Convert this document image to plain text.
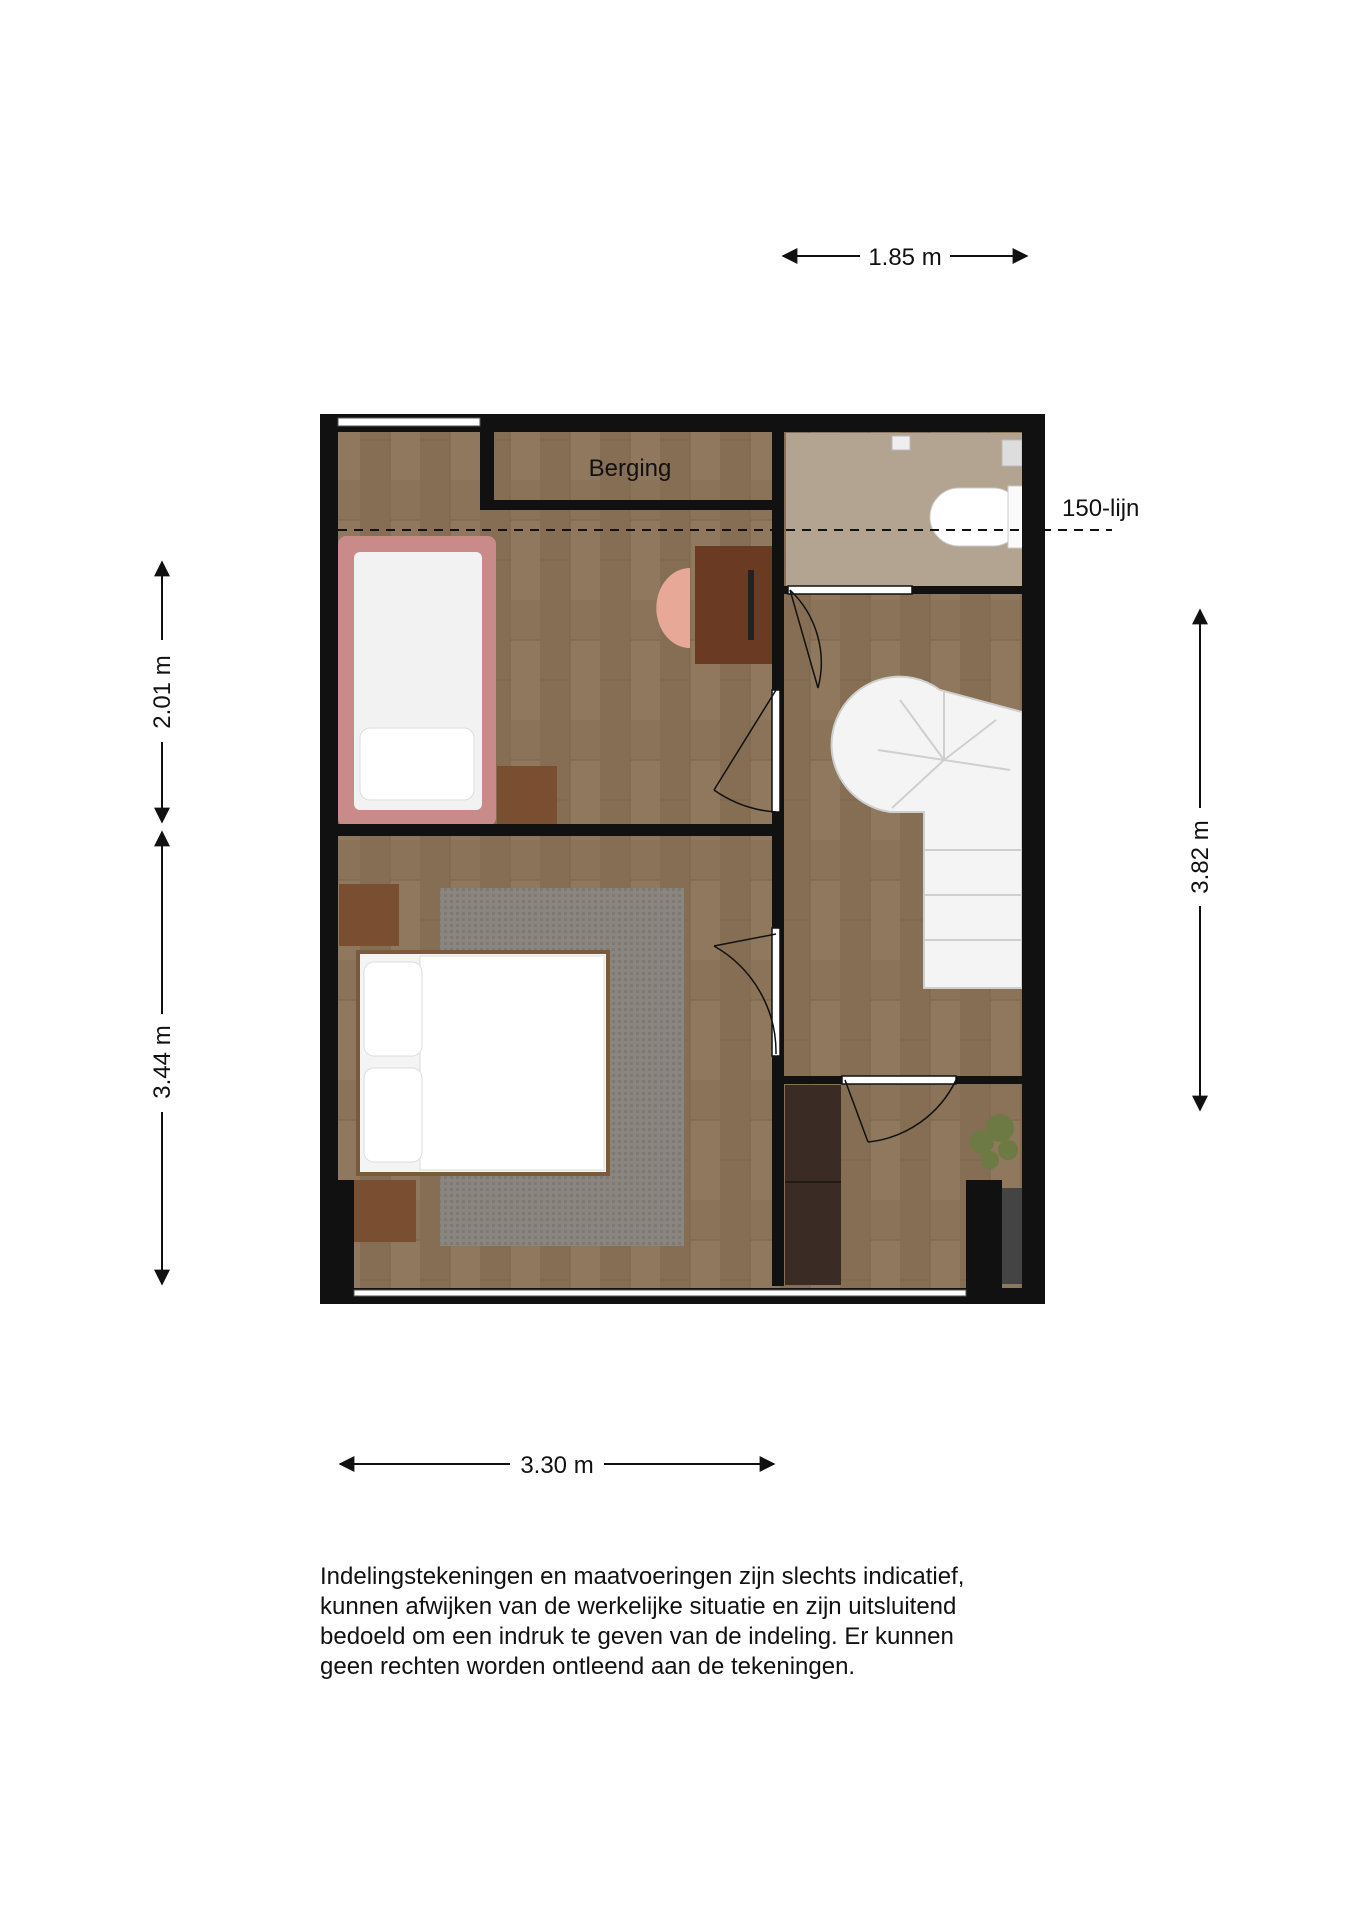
150-lijn
Berging
1.85 m
3.30 m
2.01 m
3.44 m
3.82 m
Indelingstekeningen en maatvoeringen zijn slechts indicatief,
kunnen afwijken van de werkelijke situatie en zijn uitsluitend
bedoeld om een indruk te geven van de indeling. Er kunnen
geen rechten worden ontleend aan de tekeningen.
